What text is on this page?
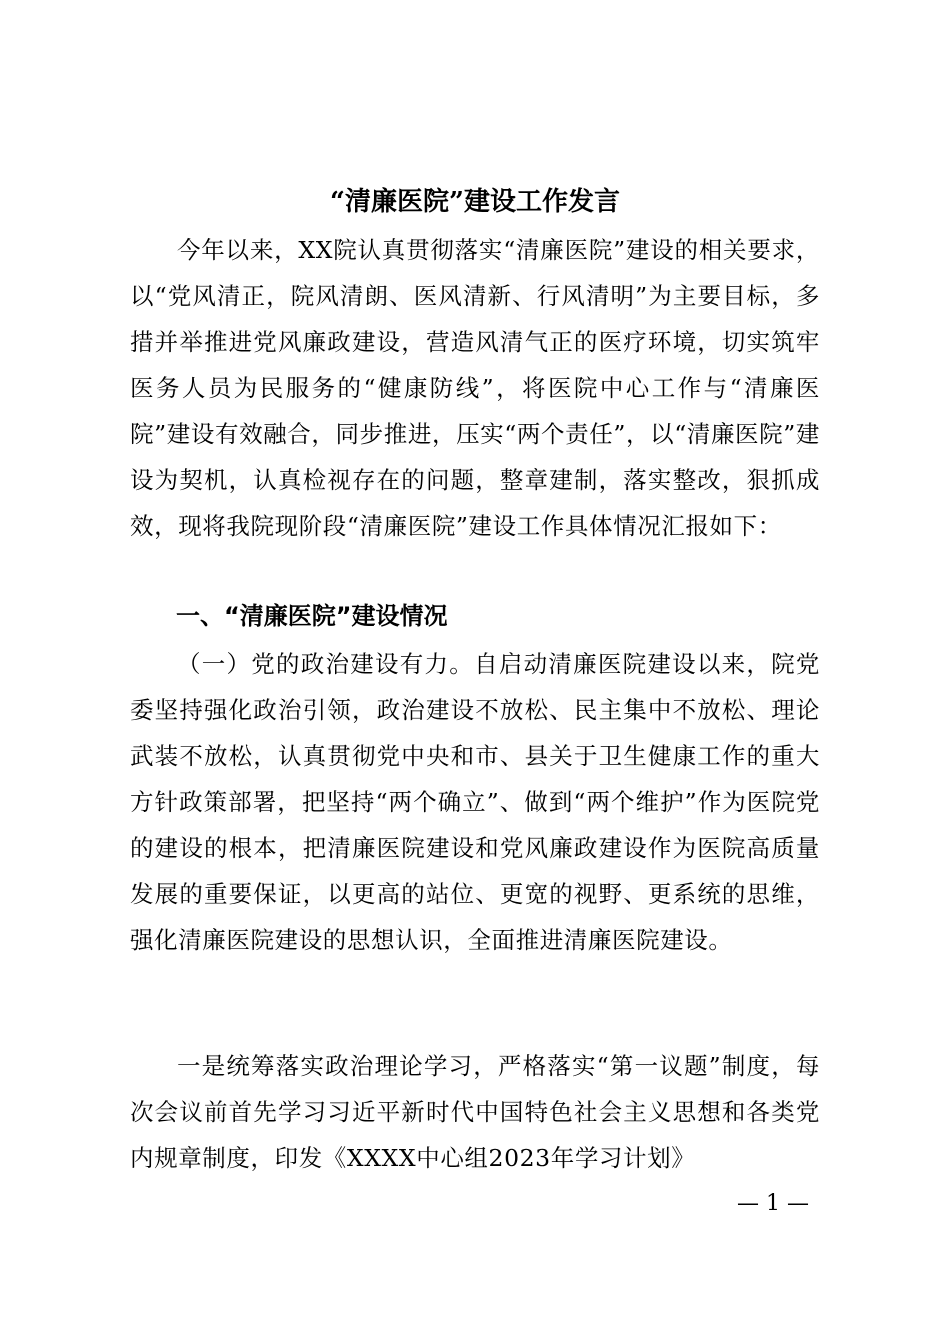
“清廉医院”建设工作发言
今年以来，XX院认真贯彻落实“清廉医院”建设的相关要求，以“党风清正，院风清朗、医风清新、行风清明”为主要目标，多措并举推进党风廉政建设，营造风清气正的医疗环境，切实筑牢医务人员为民服务的“健康防线”，将医院中心工作与“清廉医院”建设有效融合，同步推进，压实“两个责任”，以“清廉医院”建设为契机，认真检视存在的问题，整章建制，落实整改，狠抓成效，现将我院现阶段“清廉医院”建设工作具体情况汇报如下：
一、“清廉医院”建设情况
（一）党的政治建设有力。自启动清廉医院建设以来，院党委坚持强化政治引领，政治建设不放松、民主集中不放松、理论武装不放松，认真贯彻党中央和市、县关于卫生健康工作的重大方针政策部署，把坚持“两个确立”、做到“两个维护”作为医院党的建设的根本，把清廉医院建设和党风廉政建设作为医院高质量发展的重要保证，以更高的站位、更宽的视野、更系统的思维，强化清廉医院建设的思想认识，全面推进清廉医院建设。
一是统筹落实政治理论学习，严格落实“第一议题”制度，每次会议前首先学习习近平新时代中国特色社会主义思想和各类党内规章制度，印发《XXXX中心组2023年学习计划》
— 1 —
